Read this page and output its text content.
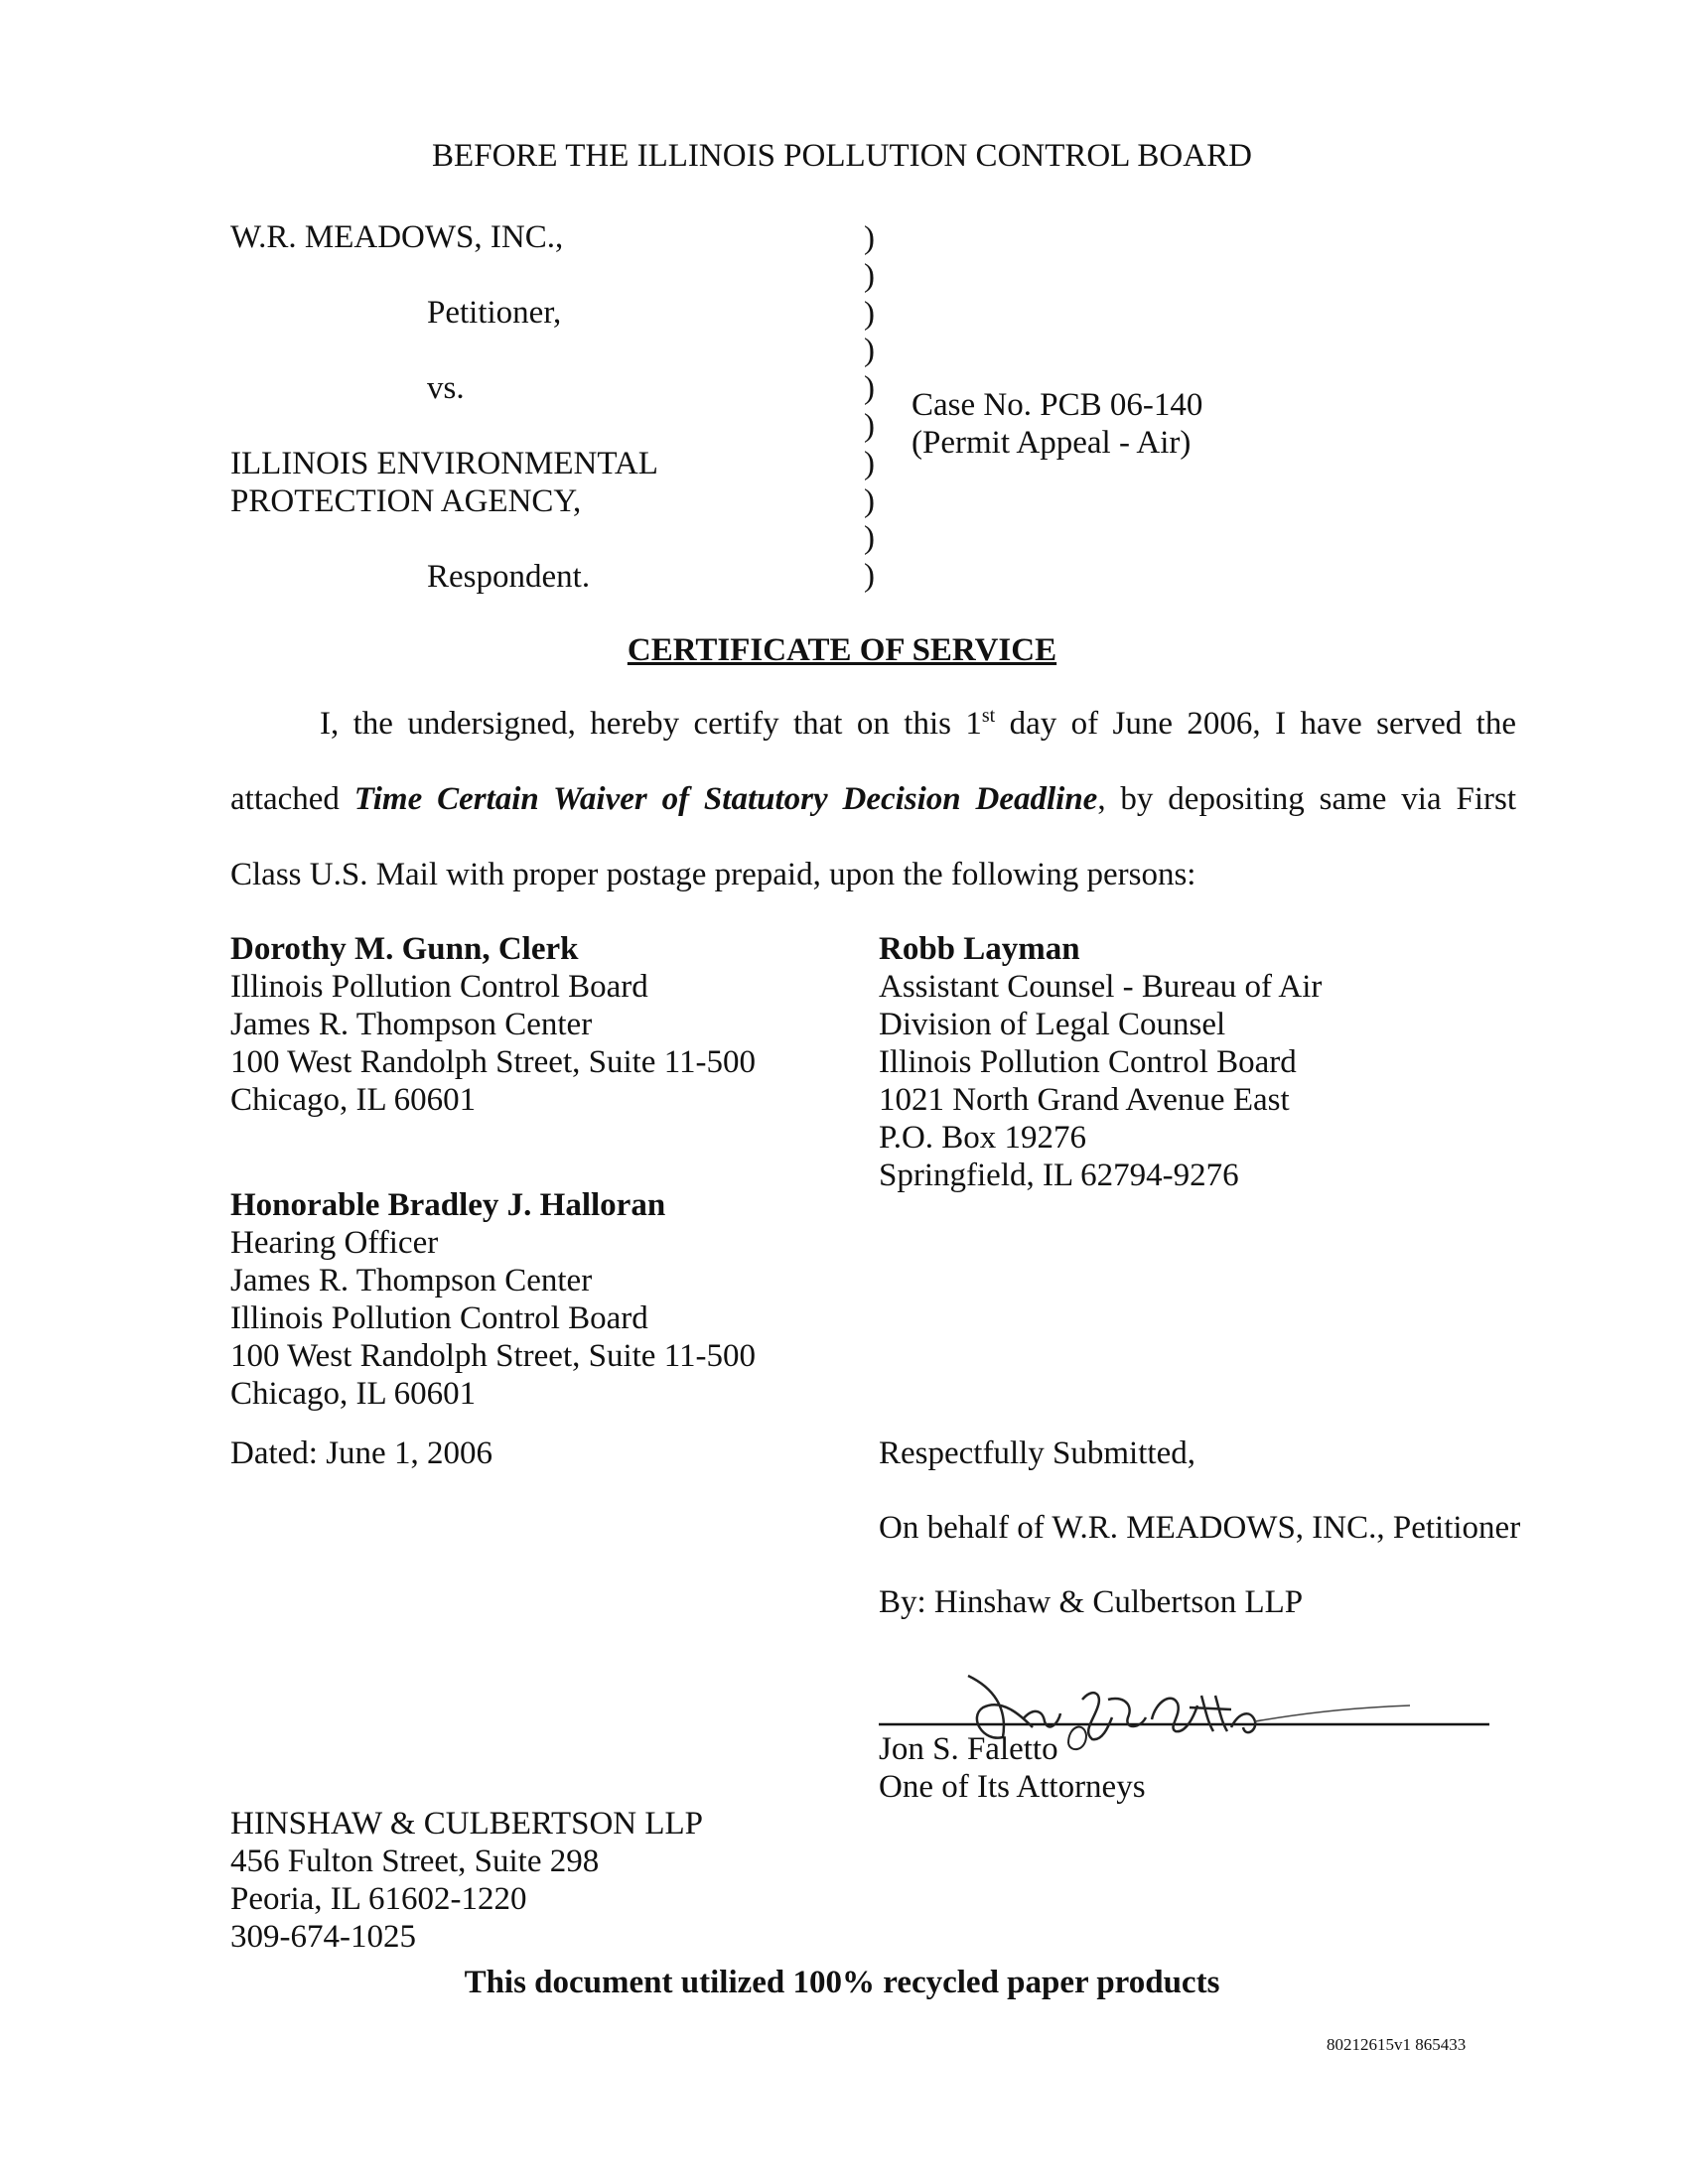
BEFORE THE ILLINOIS POLLUTION CONTROL BOARD
W.R. MEADOWS, INC.,
Petitioner,
vs.
ILLINOIS ENVIRONMENTAL
PROTECTION AGENCY,
Respondent.
)
)
)
)
)
)
)
)
)
)
Case No. PCB 06-140
(Permit Appeal - Air)
CERTIFICATE OF SERVICE
I, the undersigned, hereby certify that on this 1st day of June 2006, I have served the
attached Time Certain Waiver of Statutory Decision Deadline, by depositing same via First
Class U.S. Mail with proper postage prepaid, upon the following persons:
Dorothy M. Gunn, Clerk
Illinois Pollution Control Board
James R. Thompson Center
100 West Randolph Street, Suite 11-500
Chicago, IL 60601
Robb Layman
Assistant Counsel - Bureau of Air
Division of Legal Counsel
Illinois Pollution Control Board
1021 North Grand Avenue East
P.O. Box 19276
Springfield, IL 62794-9276
Honorable Bradley J. Halloran
Hearing Officer
James R. Thompson Center
Illinois Pollution Control Board
100 West Randolph Street, Suite 11-500
Chicago, IL 60601
Dated: June 1, 2006	Respectfully Submitted,
On behalf of W.R. MEADOWS, INC., Petitioner
By: Hinshaw & Culbertson LLP
Jon S. Faletto
One of Its Attorneys
HINSHAW & CULBERTSON LLP
456 Fulton Street, Suite 298
Peoria, IL 61602-1220
309-674-1025
This document utilized 100% recycled paper products
80212615v1 865433
